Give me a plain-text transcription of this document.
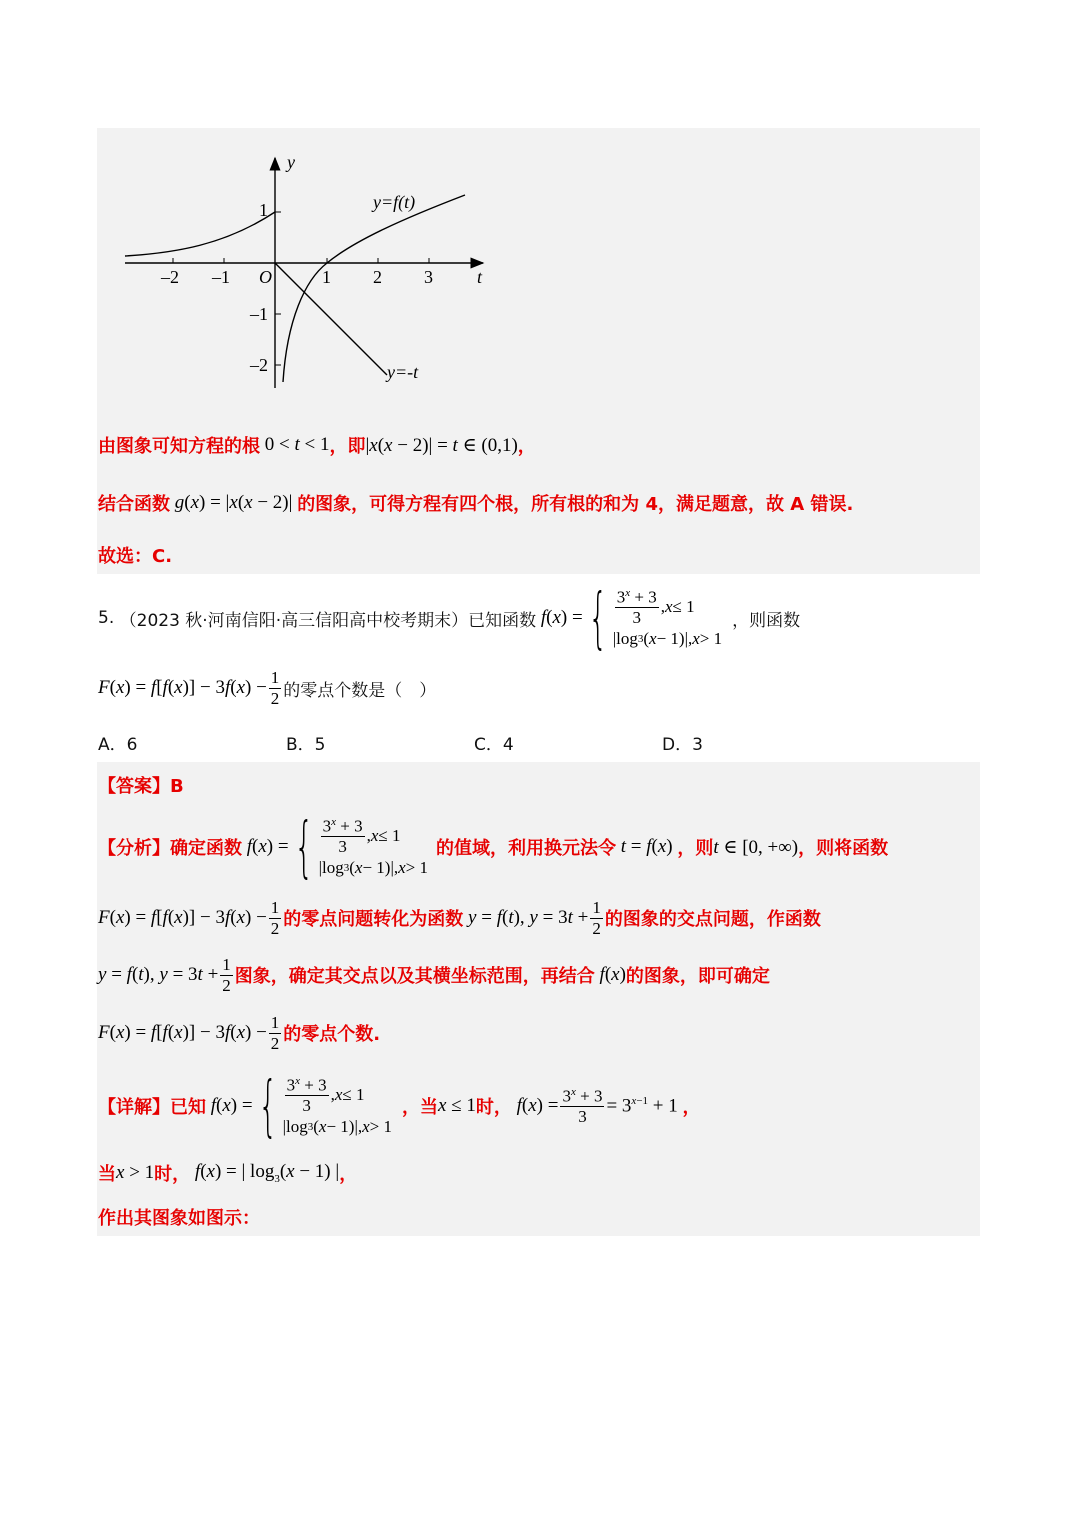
y
t
O
–2 –1	1 2 3
1
–1
–2
y=f(t)
y=-t
由图象可知方程的根 0 < t < 1 ，即 |x(x − 2)| = t ∈ (0,1) ，
结合函数 g(x) = |x(x − 2)| 的图象，可得方程有四个根，所有根的和为 4，满足题意，故 A 错误.
故选：C.
5.
（2023 秋·河南信阳·高三信阳高中校考期末）已知函数 f(x) = { $\frac{3^x + 3}{3}$ , x ≤ 1
|log 3 ( x − 1)|, x > 1
，则函数
$F(x) = f[f(x)] - 3f(x) - \frac{1}{2}$ 的零点个数是（　）
A．6	B．5	C．4	D．3
【答案】B
【分析】确定函数 f(x) = { $\frac{3^x + 3}{3}$ , x ≤ 1
|log 3 ( x − 1)|, x > 1
的值域，利用换元法令 t = f(x) ，则 t ∈ [0, +∞) ，则将函数
$F(x) = f[f(x)] - 3f(x) - \frac{1}{2}$ 的零点问题转化为函数 y = f(t), $y = 3t + \frac{1}{2}$ 的图象的交点问题，作函数
y = f(t), $y = 3t + \frac{1}{2}$ 图象，确定其交点以及其横坐标范围，再结合 f(x) 的图象，即可确定
$F(x) = f[f(x)] - 3f(x) - \frac{1}{2}$ 的零点个数.
【详解】已知 f(x) = { $\frac{3^x + 3}{3}$ , x ≤ 1
|log 3 ( x − 1)|, x > 1
，当 x ≤ 1 时， $f(x) = \frac{3^x + 3}{3} = 3^{x-1} + 1$ ，
当 x > 1 时， f(x) = | $\log_3(x - 1)$ | ，
作出其图象如图示：
